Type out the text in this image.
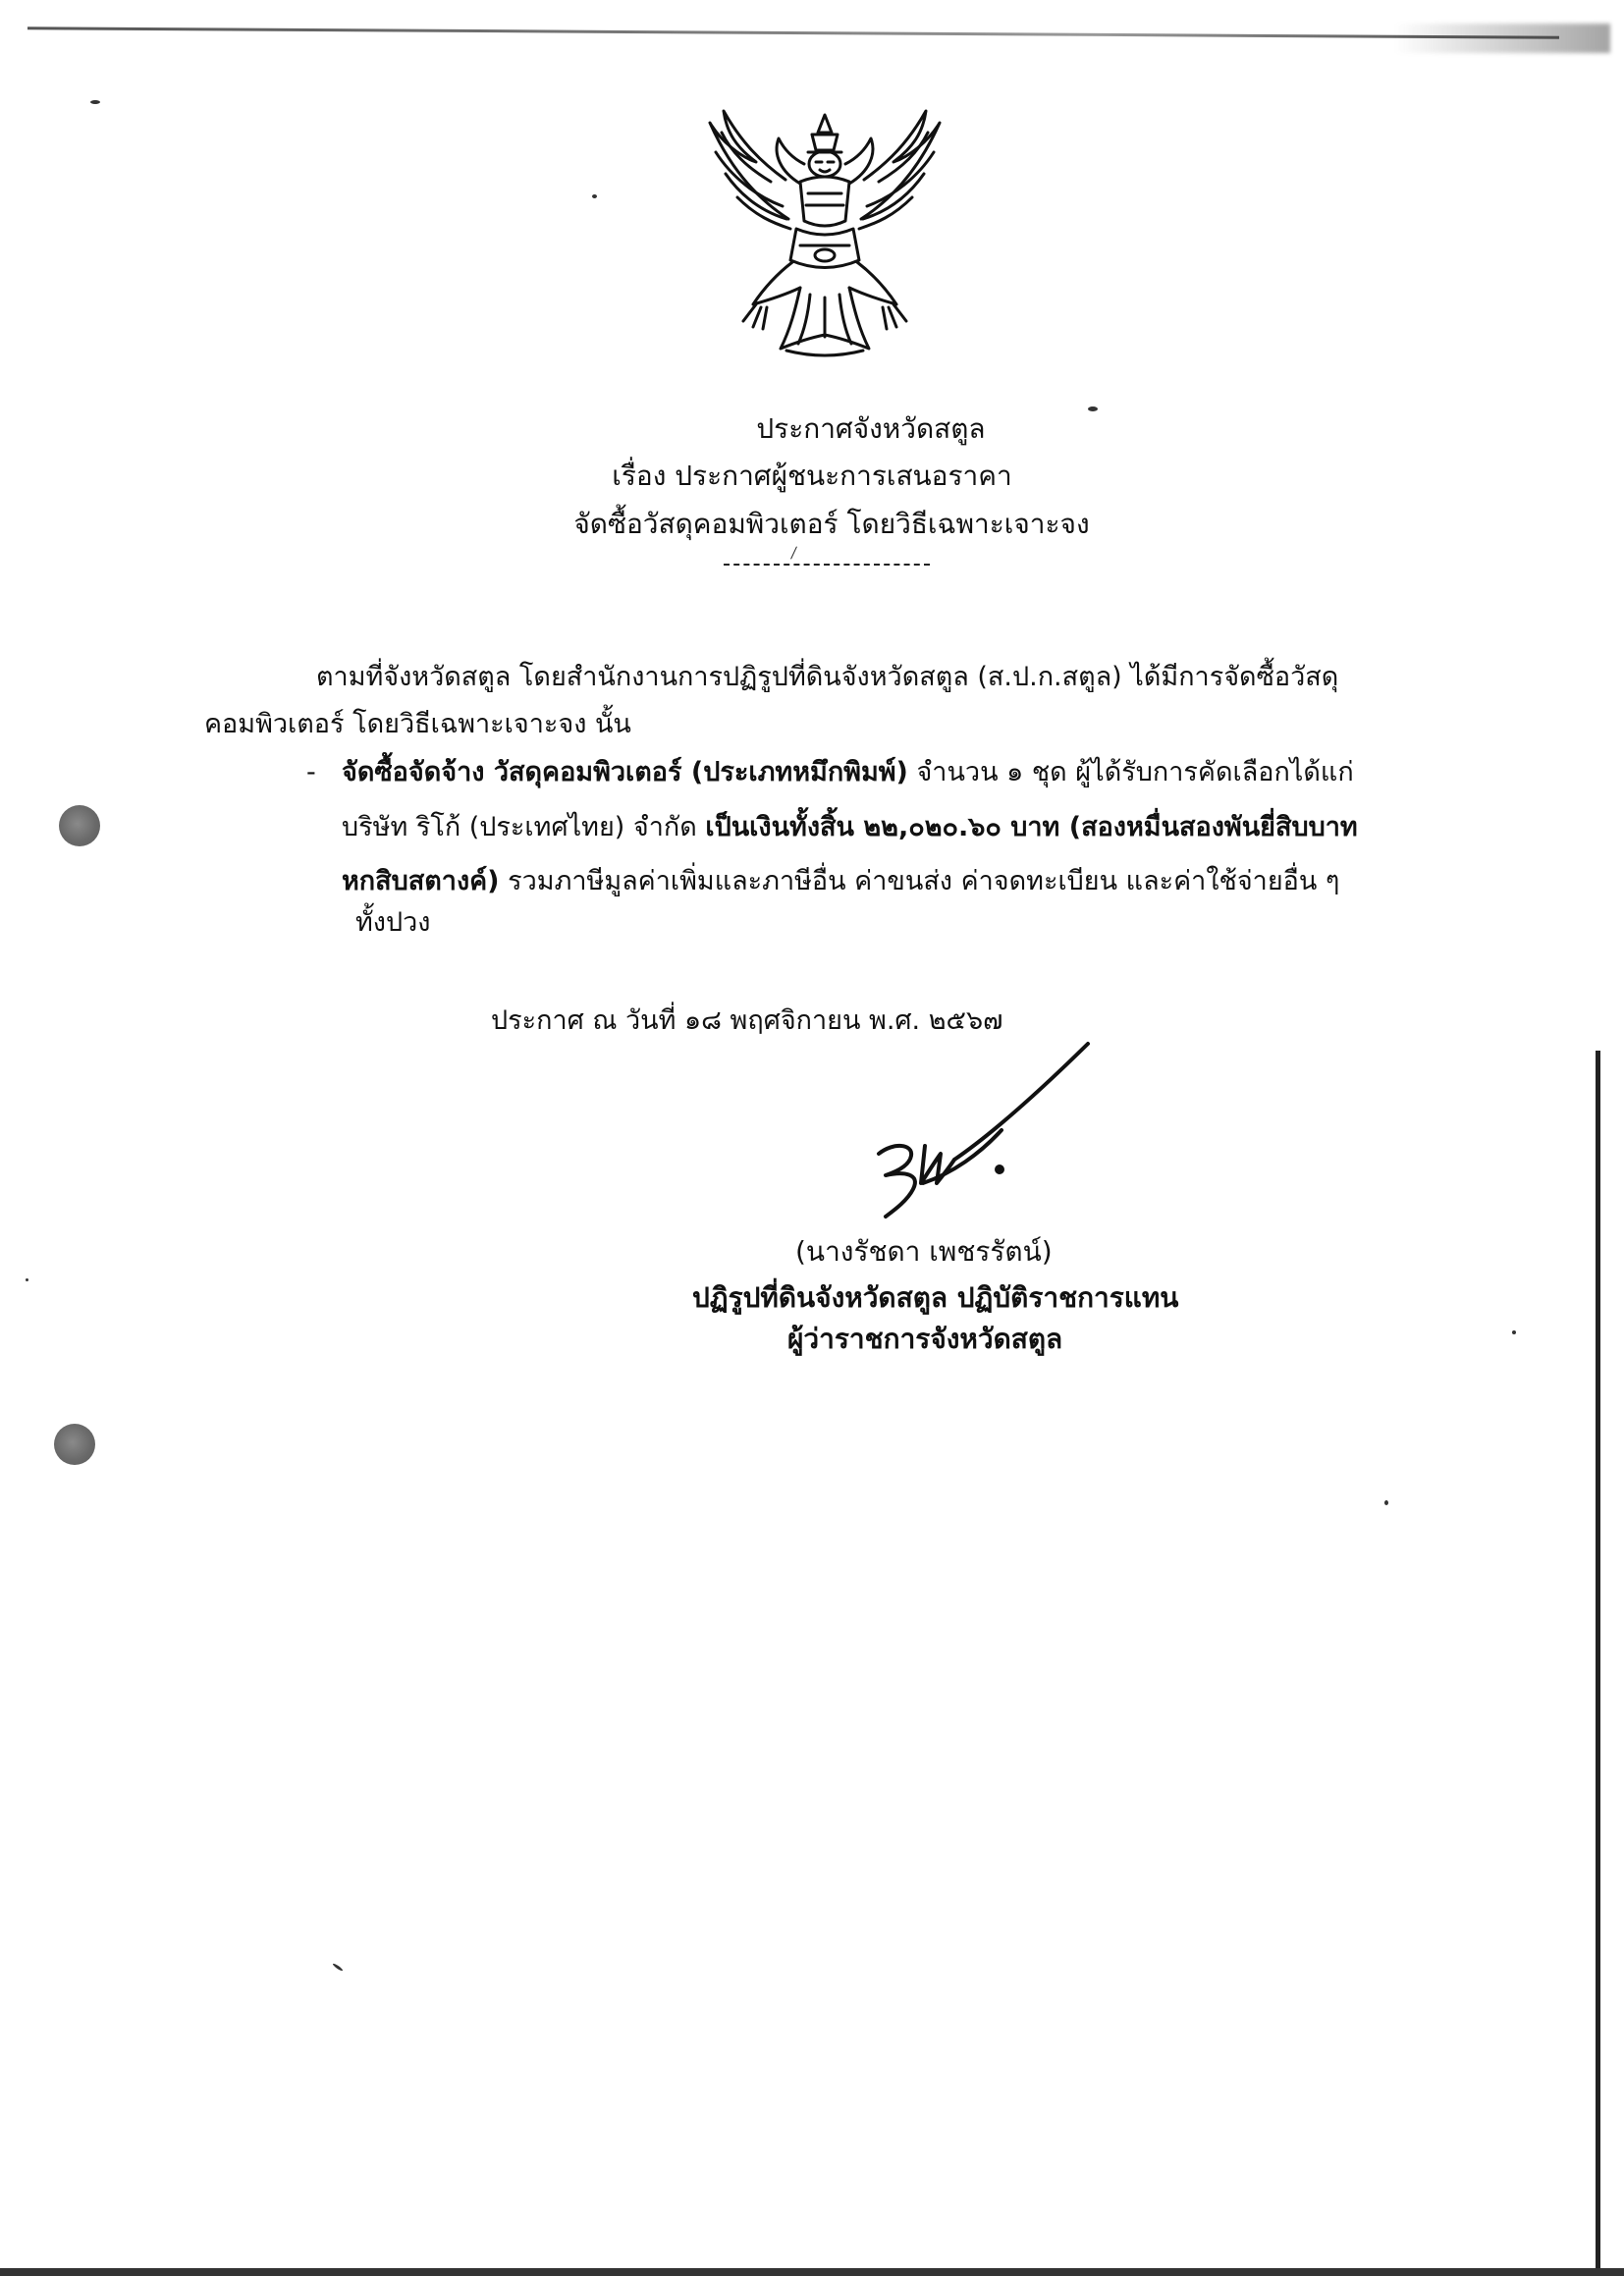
ประกาศจังหวัดสตูล
เรื่อง ประกาศผู้ชนะการเสนอราคา
จัดซื้อวัสดุคอมพิวเตอร์ โดยวิธีเฉพาะเจาะจง
ตามที่จังหวัดสตูล โดยสำนักงานการปฏิรูปที่ดินจังหวัดสตูล (ส.ป.ก.สตูล) ได้มีการจัดซื้อวัสดุ
คอมพิวเตอร์ โดยวิธีเฉพาะเจาะจง นั้น
- จัดซื้อจัดจ้าง วัสดุคอมพิวเตอร์ (ประเภทหมึกพิมพ์) จำนวน ๑ ชุด ผู้ได้รับการคัดเลือกได้แก่
บริษัท ริโก้ (ประเทศไทย) จำกัด เป็นเงินทั้งสิ้น ๒๒,๐๒๐.๖๐ บาท (สองหมื่นสองพันยี่สิบบาท
หกสิบสตางค์) รวมภาษีมูลค่าเพิ่มและภาษีอื่น ค่าขนส่ง ค่าจดทะเบียน และค่าใช้จ่ายอื่น ๆ
ทั้งปวง
ประกาศ ณ วันที่ ๑๘ พฤศจิกายน พ.ศ. ๒๕๖๗
(นางรัชดา เพชรรัตน์)
ปฏิรูปที่ดินจังหวัดสตูล ปฏิบัติราชการแทน
ผู้ว่าราชการจังหวัดสตูล
